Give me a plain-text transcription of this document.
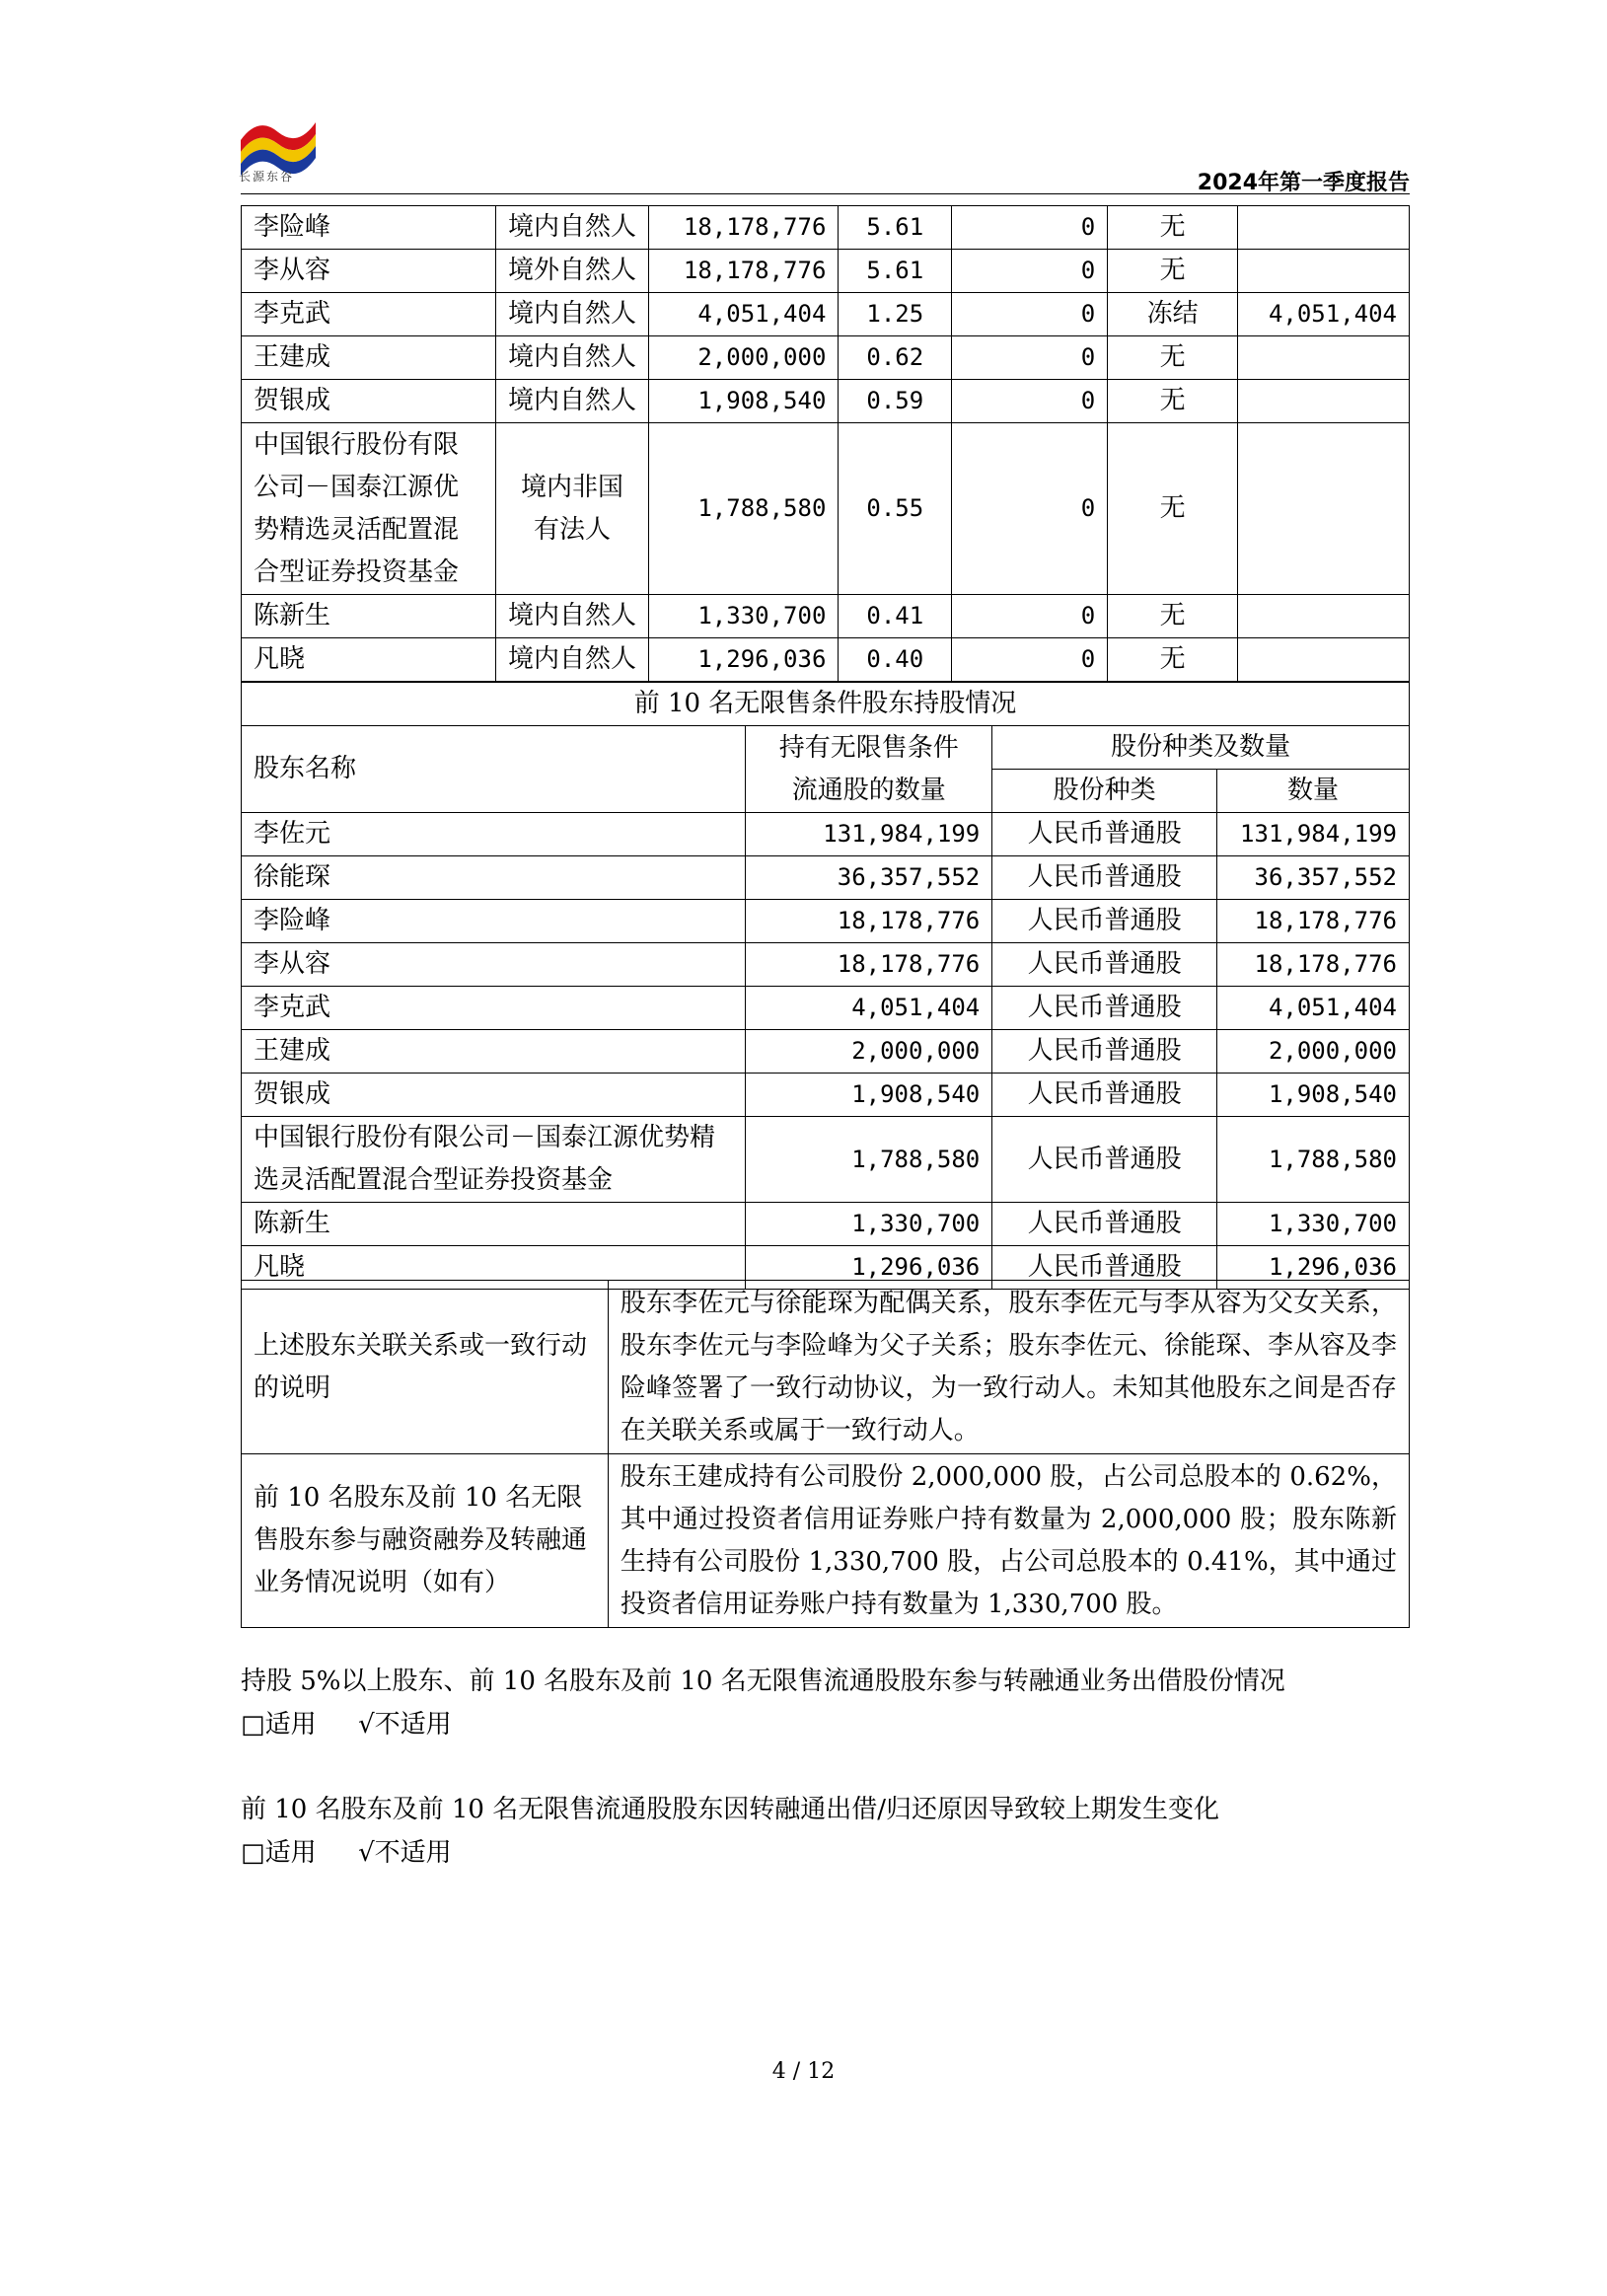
长源东谷	2024年第一季度报告
李险峰	境内自然人	18,178,776	5.61	0	无	
李从容	境外自然人	18,178,776	5.61	0	无	
李克武	境内自然人	4,051,404	1.25	0	冻结	4,051,404
王建成	境内自然人	2,000,000	0.62	0	无	
贺银成	境内自然人	1,908,540	0.59	0	无	
中国银行股份有限公司－国泰江源优势精选灵活配置混合型证券投资基金	境内非国有法人	1,788,580	0.55	0	无	
陈新生	境内自然人	1,330,700	0.41	0	无	
凡晓	境内自然人	1,296,036	0.40	0	无	
前 10 名无限售条件股东持股情况			
股东名称	持有无限售条件流通股的数量	股份种类及数量	
		股份种类	数量
李佐元	131,984,199	人民币普通股	131,984,199
徐能琛	36,357,552	人民币普通股	36,357,552
李险峰	18,178,776	人民币普通股	18,178,776
李从容	18,178,776	人民币普通股	18,178,776
李克武	4,051,404	人民币普通股	4,051,404
王建成	2,000,000	人民币普通股	2,000,000
贺银成	1,908,540	人民币普通股	1,908,540
中国银行股份有限公司－国泰江源优势精选灵活配置混合型证券投资基金	1,788,580	人民币普通股	1,788,580
陈新生	1,330,700	人民币普通股	1,330,700
凡晓	1,296,036	人民币普通股	1,296,036
上述股东关联关系或一致行动的说明	股东李佐元与徐能琛为配偶关系，股东李佐元与李从容为父女关系，股东李佐元与李险峰为父子关系；股东李佐元、徐能琛、李从容及李险峰签署了一致行动协议，为一致行动人。未知其他股东之间是否存在关联关系或属于一致行动人。
前 10 名股东及前 10 名无限售股东参与融资融券及转融通业务情况说明（如有）	股东王建成持有公司股份 2,000,000 股，占公司总股本的 0.62%，其中通过投资者信用证券账户持有数量为 2,000,000 股；股东陈新生持有公司股份 1,330,700 股，占公司总股本的 0.41%，其中通过投资者信用证券账户持有数量为 1,330,700 股。
持股 5%以上股东、前 10 名股东及前 10 名无限售流通股股东参与转融通业务出借股份情况
□适用 √不适用
前 10 名股东及前 10 名无限售流通股股东因转融通出借/归还原因导致较上期发生变化
□适用 √不适用
4 / 12
